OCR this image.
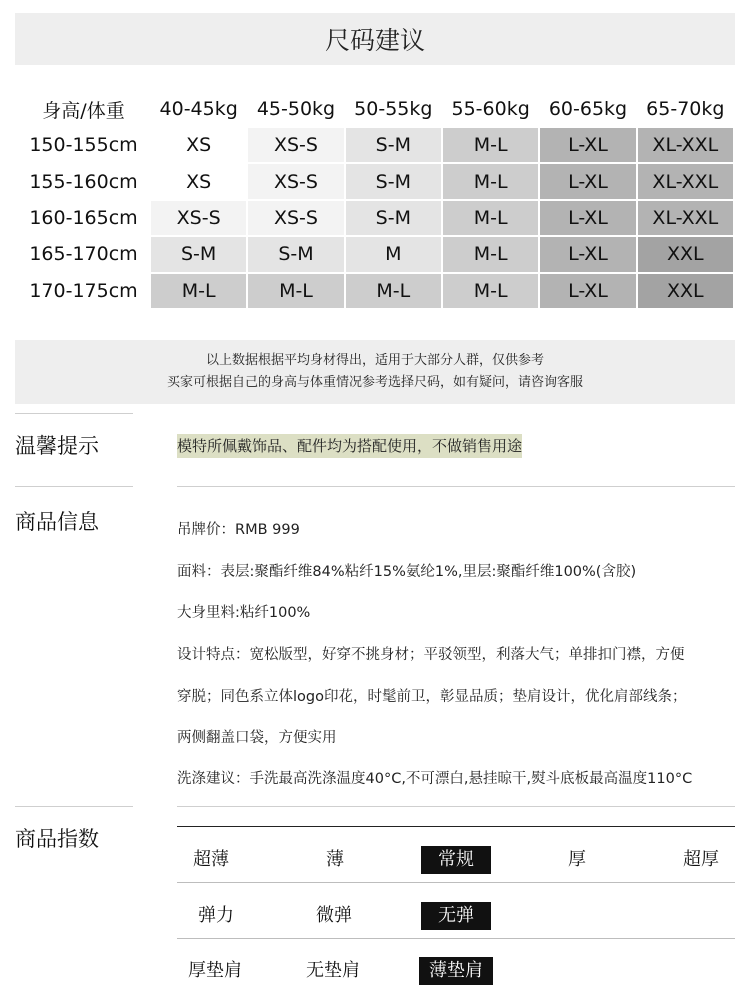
尺码建议
身高/体重	40-45kg	45-50kg	50-55kg	55-60kg	60-65kg	65-70kg
150-155cm	XS	XS-S	S-M	M-L	L-XL	XL-XXL
155-160cm	XS	XS-S	S-M	M-L	L-XL	XL-XXL
160-165cm	XS-S	XS-S	S-M	M-L	L-XL	XL-XXL
165-170cm	S-M	S-M	M	M-L	L-XL	XXL
170-175cm	M-L	M-L	M-L	M-L	L-XL	XXL
以上数据根据平均身材得出，适用于大部分人群，仅供参考
买家可根据自己的身高与体重情况参考选择尺码，如有疑问，请咨询客服
温馨提示	模特所佩戴饰品、配件均为搭配使用，不做销售用途
商品信息	吊牌价：RMB 999
面料：表层:聚酯纤维84%粘纤15%氨纶1%,里层:聚酯纤维100%(含胶)
大身里料:粘纤100%
设计特点：宽松版型，好穿不挑身材；平驳领型，利落大气；单排扣门襟，方便
穿脱；同色系立体logo印花，时髦前卫，彰显品质；垫肩设计，优化肩部线条；
两侧翻盖口袋，方便实用
洗涤建议：手洗最高洗涤温度40°C,不可漂白,悬挂晾干,熨斗底板最高温度110°C
商品指数
超薄	薄	常规	厚	超厚
弹力	微弹	无弹
厚垫肩	无垫肩	薄垫肩
